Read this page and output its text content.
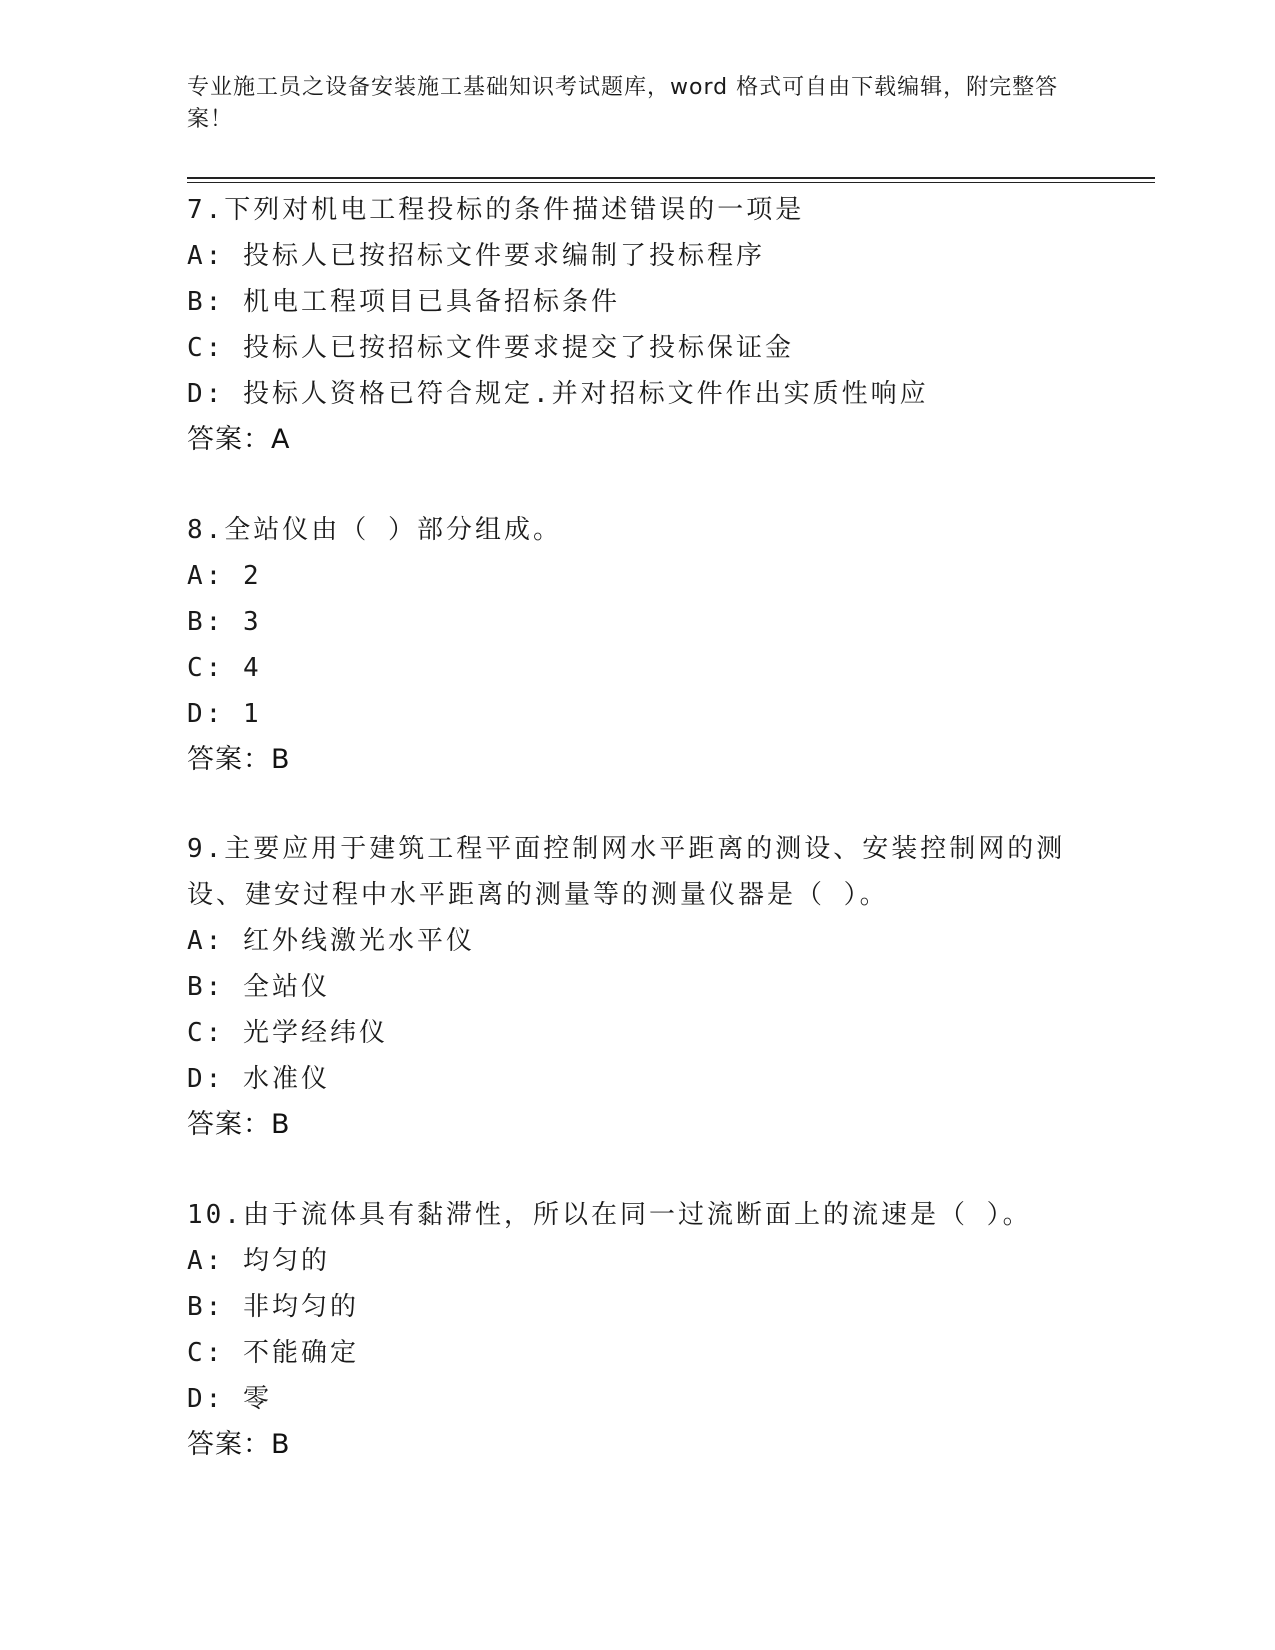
专业施工员之设备安装施工基础知识考试题库，word 格式可自由下载编辑，附完整答案！

7.下列对机电工程投标的条件描述错误的一项是

A: 投标人已按招标文件要求编制了投标程序

B: 机电工程项目已具备招标条件

C: 投标人已按招标文件要求提交了投标保证金

D: 投标人资格已符合规定.并对招标文件作出实质性响应

答案：A

8.全站仪由（ ）部分组成。

A: 2

B: 3

C: 4

D: 1

答案：B

9.主要应用于建筑工程平面控制网水平距离的测设、安装控制网的测设、建安过程中水平距离的测量等的测量仪器是（ ）。

A: 红外线激光水平仪

B: 全站仪

C: 光学经纬仪

D: 水准仪

答案：B

10.由于流体具有黏滞性，所以在同一过流断面上的流速是（ ）。

A: 均匀的

B: 非均匀的

C: 不能确定

D: 零

答案：B
